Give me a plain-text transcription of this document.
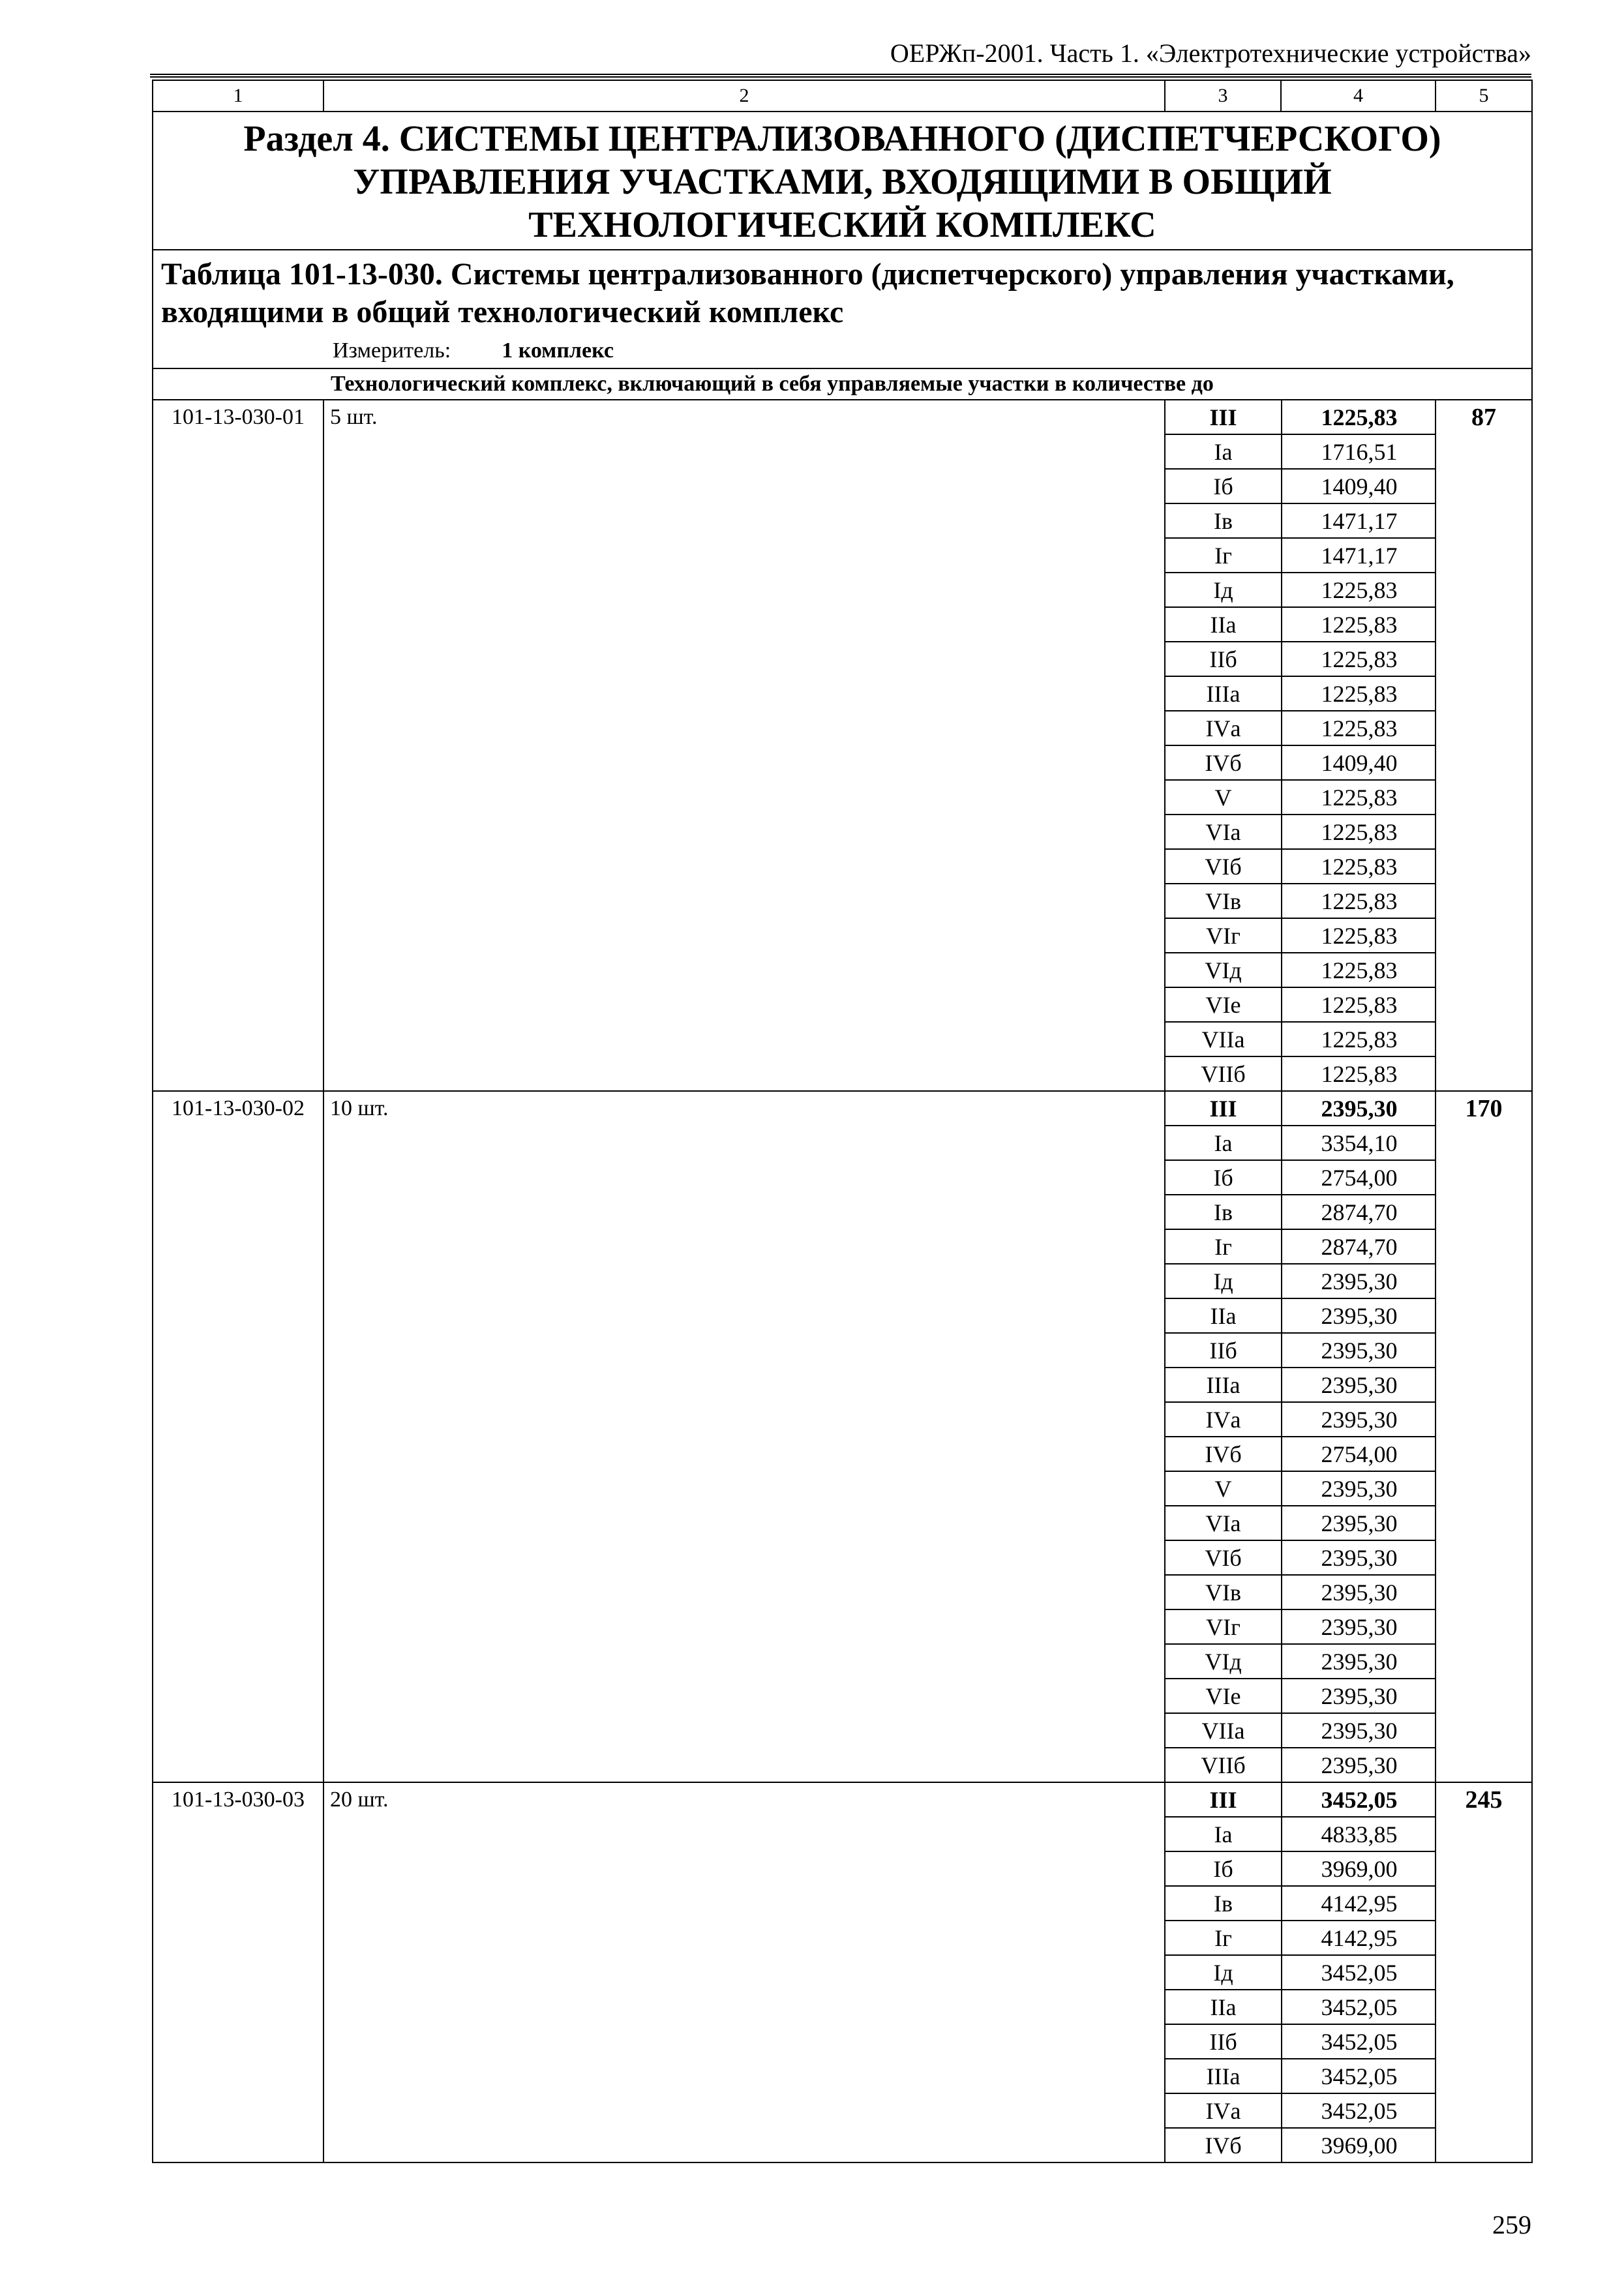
ОЕРЖп-2001. Часть 1. «Электротехнические устройства»
1	2	3	4	5
Раздел 4. СИСТЕМЫ ЦЕНТРАЛИЗОВАННОГО (ДИСПЕТЧЕРСКОГО) УПРАВЛЕНИЯ УЧАСТКАМИ, ВХОДЯЩИМИ В ОБЩИЙ ТЕХНОЛОГИЧЕСКИЙ КОМПЛЕКС

Таблица 101-13-030. Системы централизованного (диспетчерского) управления участками, входящими в общий технологический комплекс
Измеритель: 1 комплекс

	Технологический комплекс, включающий в себя управляемые участки в количестве до
101-13-030-01	5 шт.		III	1225,83
Iа	1716,51
Iб	1409,40
Iв	1471,17
Iг	1471,17
Iд	1225,83
IIа	1225,83
IIб	1225,83
IIIа	1225,83
IVа	1225,83
IVб	1409,40
V	1225,83
VIа	1225,83
VIб	1225,83
VIв	1225,83
VIг	1225,83
VIд	1225,83
VIе	1225,83
VIIа	1225,83
VIIб	1225,83
	87
101-13-030-02	10 шт.		III	2395,30
Iа	3354,10
Iб	2754,00
Iв	2874,70
Iг	2874,70
Iд	2395,30
IIа	2395,30
IIб	2395,30
IIIа	2395,30
IVа	2395,30
IVб	2754,00
V	2395,30
VIа	2395,30
VIб	2395,30
VIв	2395,30
VIг	2395,30
VIд	2395,30
VIе	2395,30
VIIа	2395,30
VIIб	2395,30
	170
101-13-030-03	20 шт.		III	3452,05
Iа	4833,85
Iб	3969,00
Iв	4142,95
Iг	4142,95
Iд	3452,05
IIа	3452,05
IIб	3452,05
IIIа	3452,05
IVа	3452,05
IVб	3969,00
	245
259
